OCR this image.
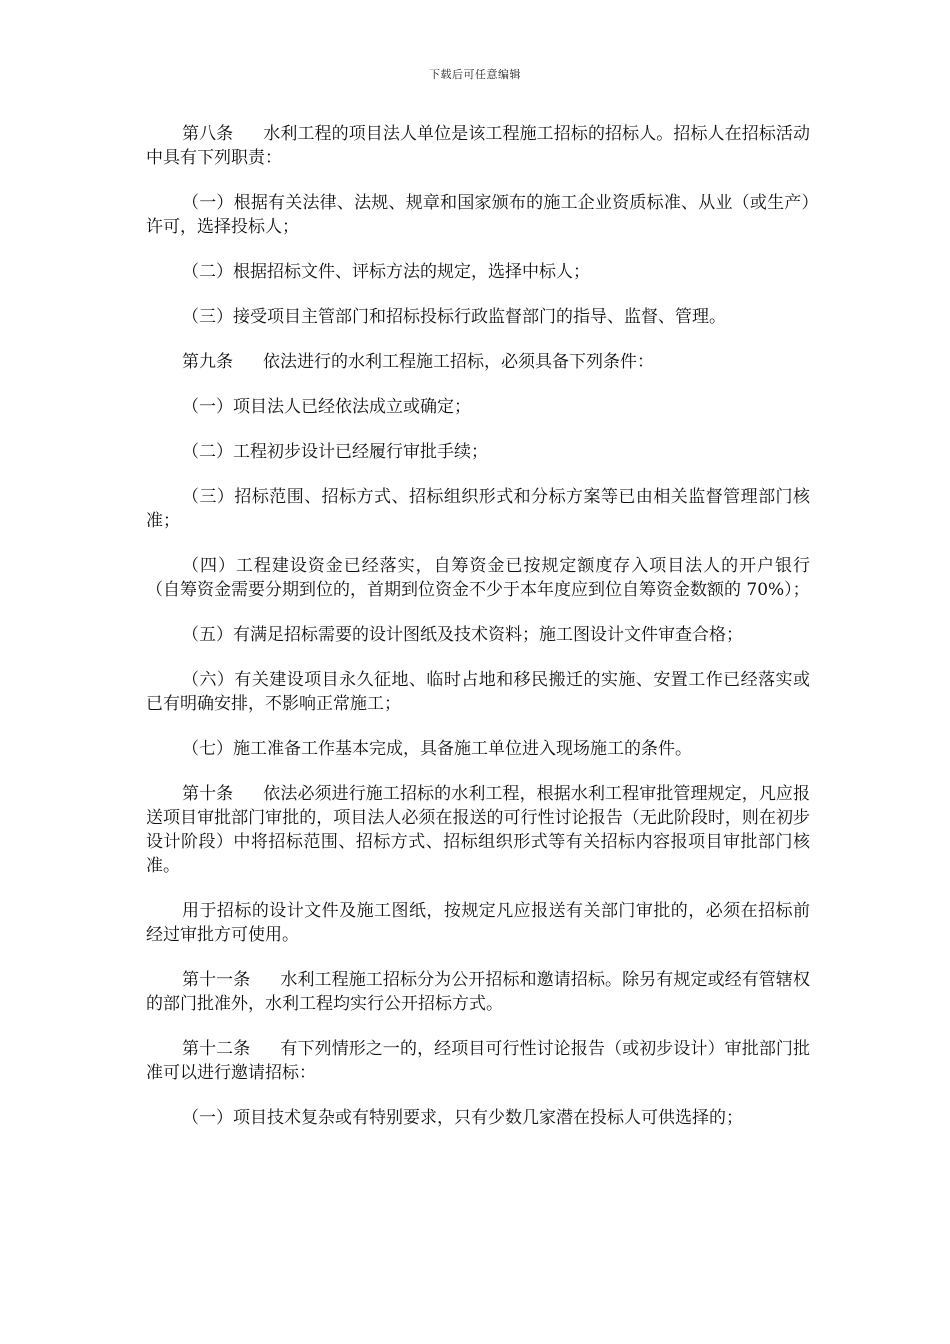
下载后可任意编辑

第八条 水利工程的项目法人单位是该工程施工招标的招标人。招标人在招标活动中具有下列职责：

（一）根据有关法律、法规、规章和国家颁布的施工企业资质标准、从业（或生产）许可，选择投标人；

（二）根据招标文件、评标方法的规定，选择中标人；

（三）接受项目主管部门和招标投标行政监督部门的指导、监督、管理。

第九条 依法进行的水利工程施工招标，必须具备下列条件：

（一）项目法人已经依法成立或确定；

（二）工程初步设计已经履行审批手续；

（三）招标范围、招标方式、招标组织形式和分标方案等已由相关监督管理部门核准；

（四）工程建设资金已经落实，自筹资金已按规定额度存入项目法人的开户银行（自筹资金需要分期到位的，首期到位资金不少于本年度应到位自筹资金数额的 70%）；

（五）有满足招标需要的设计图纸及技术资料；施工图设计文件审查合格；

（六）有关建设项目永久征地、临时占地和移民搬迁的实施、安置工作已经落实或已有明确安排，不影响正常施工；

（七）施工准备工作基本完成，具备施工单位进入现场施工的条件。

第十条 依法必须进行施工招标的水利工程，根据水利工程审批管理规定，凡应报送项目审批部门审批的，项目法人必须在报送的可行性讨论报告（无此阶段时，则在初步设计阶段）中将招标范围、招标方式、招标组织形式等有关招标内容报项目审批部门核准。

用于招标的设计文件及施工图纸，按规定凡应报送有关部门审批的，必须在招标前经过审批方可使用。

第十一条 水利工程施工招标分为公开招标和邀请招标。除另有规定或经有管辖权的部门批准外，水利工程均实行公开招标方式。

第十二条 有下列情形之一的，经项目可行性讨论报告（或初步设计）审批部门批准可以进行邀请招标：

（一）项目技术复杂或有特别要求，只有少数几家潜在投标人可供选择的；
